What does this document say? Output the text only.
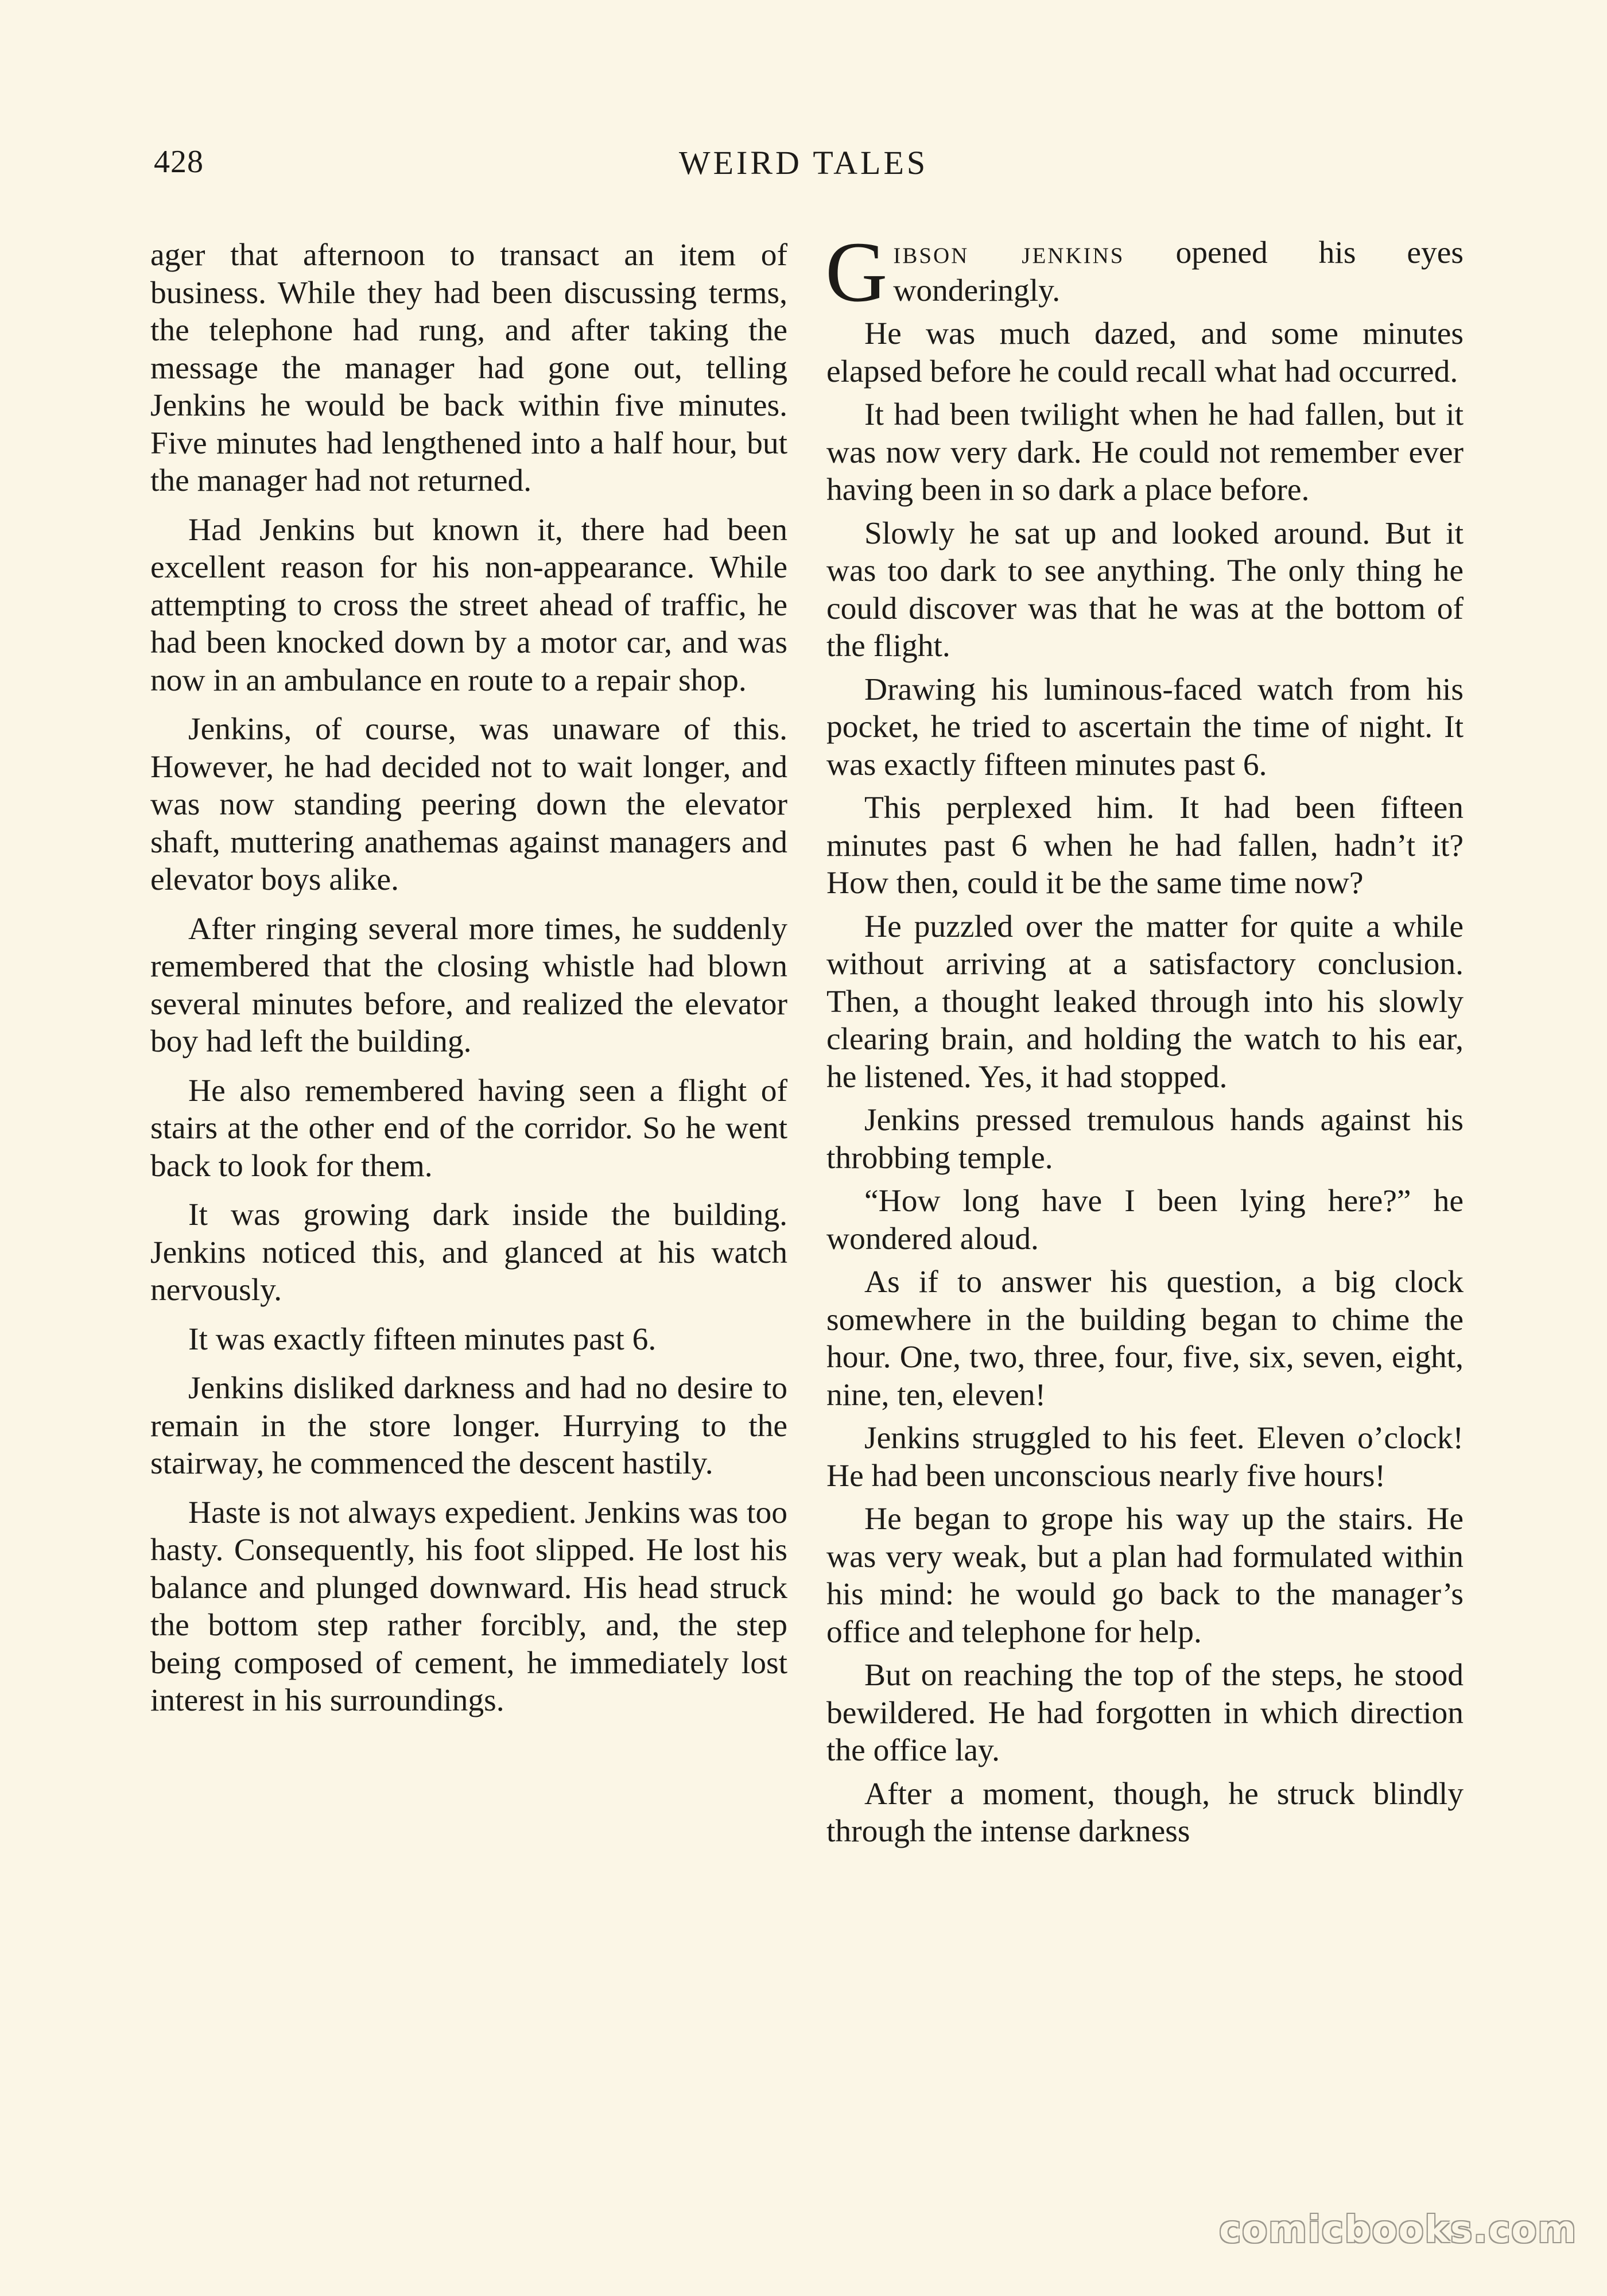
428	WEIRD TALES

ager that afternoon to transact an item of business. While they had been discussing terms, the telephone had rung, and after taking the message the manager had gone out, telling Jenkins he would be back within five minutes. Five minutes had lengthened into a half hour, but the manager had not returned.

Had Jenkins but known it, there had been excellent reason for his non-appearance. While attempting to cross the street ahead of traffic, he had been knocked down by a motor car, and was now in an ambulance en route to a repair shop.

Jenkins, of course, was unaware of this. However, he had decided not to wait longer, and was now standing peering down the elevator shaft, muttering anathemas against managers and elevator boys alike.

After ringing several more times, he suddenly remembered that the closing whistle had blown several minutes before, and realized the elevator boy had left the building.

He also remembered having seen a flight of stairs at the other end of the corridor. So he went back to look for them.

It was growing dark inside the building. Jenkins noticed this, and glanced at his watch nervously.

It was exactly fifteen minutes past 6.

Jenkins disliked darkness and had no desire to remain in the store longer. Hurrying to the stairway, he commenced the descent hastily.

Haste is not always expedient. Jenkins was too hasty. Consequently, his foot slipped. He lost his balance and plunged downward. His head struck the bottom step rather forcibly, and, the step being composed of cement, he immediately lost interest in his surroundings.

Gibson jenkins opened his eyes wonderingly.

He was much dazed, and some minutes elapsed before he could recall what had occurred.

It had been twilight when he had fallen, but it was now very dark. He could not remember ever having been in so dark a place before.

Slowly he sat up and looked around. But it was too dark to see anything. The only thing he could discover was that he was at the bottom of the flight.

Drawing his luminous-faced watch from his pocket, he tried to ascertain the time of night. It was exactly fifteen minutes past 6.

This perplexed him. It had been fifteen minutes past 6 when he had fallen, hadn’t it? How then, could it be the same time now?

He puzzled over the matter for quite a while without arriving at a satisfactory conclusion. Then, a thought leaked through into his slowly clearing brain, and holding the watch to his ear, he listened. Yes, it had stopped.

Jenkins pressed tremulous hands against his throbbing temple.

“How long have I been lying here?” he wondered aloud.

As if to answer his question, a big clock somewhere in the building began to chime the hour. One, two, three, four, five, six, seven, eight, nine, ten, eleven!

Jenkins struggled to his feet. Eleven o’clock! He had been unconscious nearly five hours!

He began to grope his way up the stairs. He was very weak, but a plan had formulated within his mind: he would go back to the manager’s office and telephone for help.

But on reaching the top of the steps, he stood bewildered. He had forgotten in which direction the office lay.

After a moment, though, he struck blindly through the intense darkness

comicbooks.com
